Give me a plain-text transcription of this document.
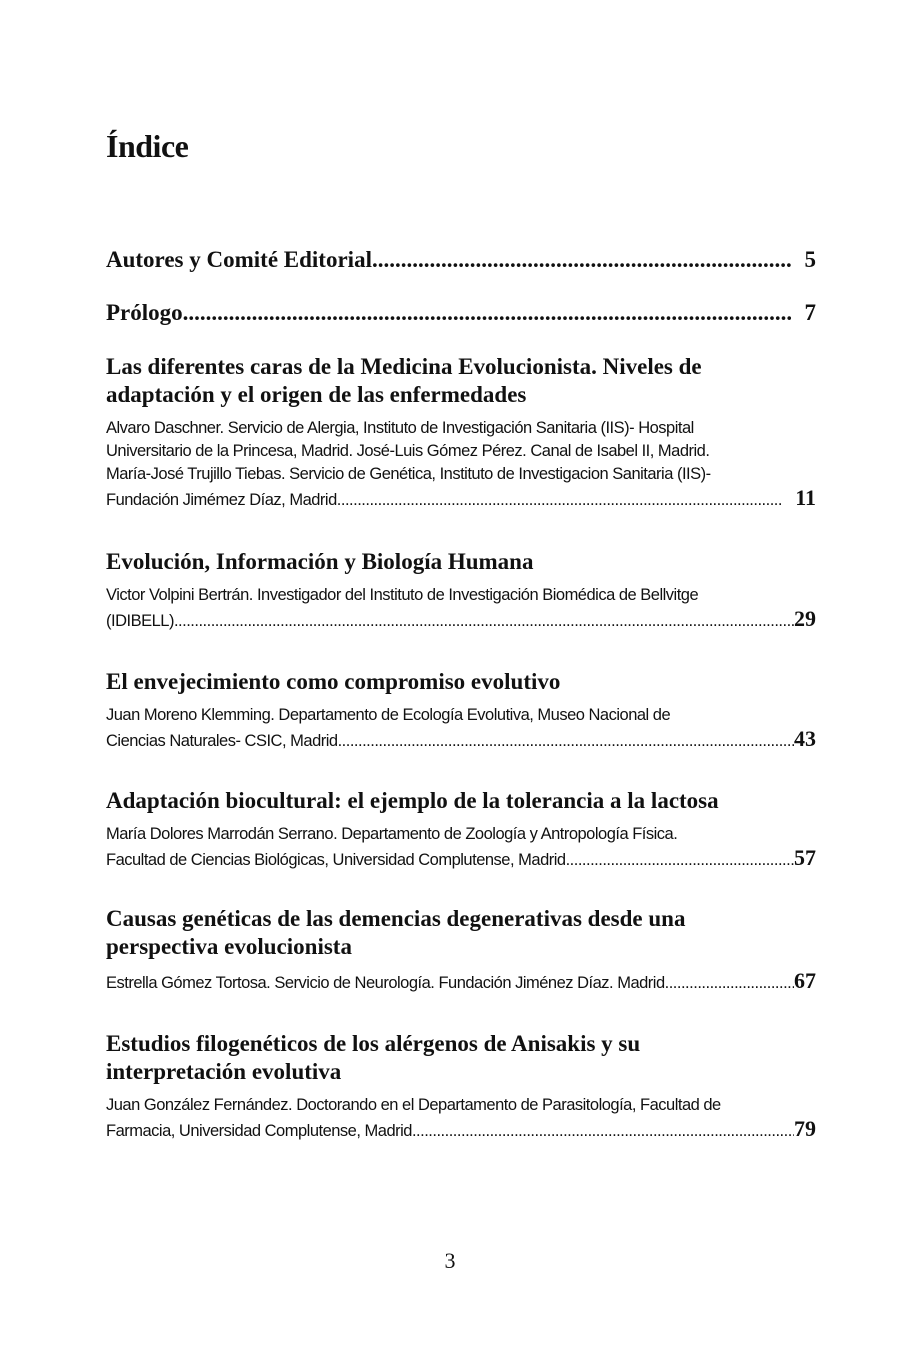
Índice
Autores y Comité Editorial .....	5
Prólogo .....	7
Las diferentes caras de la Medicina Evolucionista. Niveles de
adaptación y el origen de las enfermedades
Alvaro Daschner. Servicio de Alergia, Instituto de Investigación Sanitaria (IIS)- Hospital
Universitario de la Princesa, Madrid. José-Luis Gómez Pérez. Canal de Isabel II, Madrid.
María-José Trujillo Tiebas. Servicio de Genética, Instituto de Investigacion Sanitaria (IIS)-
Fundación Jimémez Díaz, Madrid. .....	11
Evolución, Información y Biología Humana
Victor Volpini Bertrán. Investigador del Instituto de Investigación Biomédica de Bellvitge
(IDIBELL) .....	29
El envejecimiento como compromiso evolutivo
Juan Moreno Klemming. Departamento de Ecología Evolutiva, Museo Nacional de
Ciencias Naturales- CSIC, Madrid .....	43
Adaptación biocultural: el ejemplo de la tolerancia a la lactosa
María Dolores Marrodán Serrano. Departamento de Zoología y Antropología Física.
Facultad de Ciencias Biológicas, Universidad Complutense, Madrid .....	57
Causas genéticas de las demencias degenerativas desde una
perspectiva evolucionista
Estrella Gómez Tortosa. Servicio de Neurología. Fundación Jiménez Díaz. Madrid .....	67
Estudios filogenéticos de los alérgenos de Anisakis y su
interpretación evolutiva
Juan González Fernández. Doctorando en el Departamento de Parasitología, Facultad de
Farmacia, Universidad Complutense, Madrid .....	79
3
